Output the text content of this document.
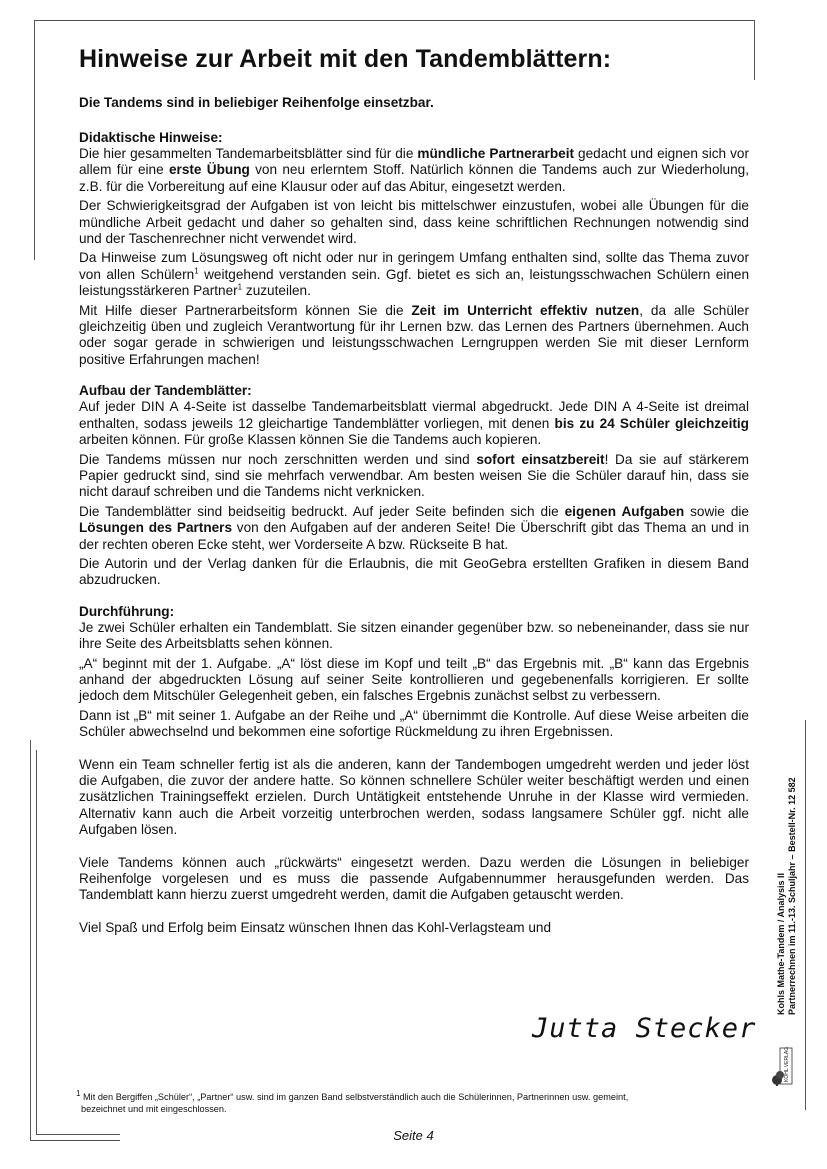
Hinweise zur Arbeit mit den Tandemblättern:
Die Tandems sind in beliebiger Reihenfolge einsetzbar.
Didaktische Hinweise:

Die hier gesammelten Tandemarbeitsblätter sind für die mündliche Partnerarbeit gedacht und eignen sich vor allem für eine erste Übung von neu erlerntem Stoff. Natürlich können die Tandems auch zur Wiederholung, z.B. für die Vorbereitung auf eine Klausur oder auf das Abitur, eingesetzt werden.

Der Schwierigkeitsgrad der Aufgaben ist von leicht bis mittelschwer einzustufen, wobei alle Übungen für die mündliche Arbeit gedacht und daher so gehalten sind, dass keine schriftlichen Rechnungen notwendig sind und der Taschenrechner nicht verwendet wird.

Da Hinweise zum Lösungsweg oft nicht oder nur in geringem Umfang enthalten sind, sollte das Thema zuvor von allen Schülern$^1$ weitgehend verstanden sein. Ggf. bietet es sich an, leistungsschwachen Schülern einen leistungsstärkeren Partner$^1$ zuzuteilen.

Mit Hilfe dieser Partnerarbeitsform können Sie die Zeit im Unterricht effektiv nutzen, da alle Schüler gleichzeitig üben und zugleich Verantwortung für ihr Lernen bzw. das Lernen des Partners übernehmen. Auch oder sogar gerade in schwierigen und leistungsschwachen Lerngruppen werden Sie mit dieser Lernform positive Erfahrungen machen!

Aufbau der Tandemblätter:

Auf jeder DIN A 4-Seite ist dasselbe Tandemarbeitsblatt viermal abgedruckt. Jede DIN A 4-Seite ist dreimal enthalten, sodass jeweils 12 gleichartige Tandemblätter vorliegen, mit denen bis zu 24 Schüler gleichzeitig arbeiten können. Für große Klassen können Sie die Tandems auch kopieren.

Die Tandems müssen nur noch zerschnitten werden und sind sofort einsatzbereit! Da sie auf stärkerem Papier gedruckt sind, sind sie mehrfach verwendbar. Am besten weisen Sie die Schüler darauf hin, dass sie nicht darauf schreiben und die Tandems nicht verknicken.

Die Tandemblätter sind beidseitig bedruckt. Auf jeder Seite befinden sich die eigenen Aufgaben sowie die Lösungen des Partners von den Aufgaben auf der anderen Seite! Die Überschrift gibt das Thema an und in der rechten oberen Ecke steht, wer Vorderseite A bzw. Rückseite B hat.

Die Autorin und der Verlag danken für die Erlaubnis, die mit GeoGebra erstellten Grafiken in diesem Band abzudrucken.

Durchführung:

Je zwei Schüler erhalten ein Tandemblatt. Sie sitzen einander gegenüber bzw. so nebeneinander, dass sie nur ihre Seite des Arbeitsblatts sehen können.

„A“ beginnt mit der 1. Aufgabe. „A“ löst diese im Kopf und teilt „B“ das Ergebnis mit. „B“ kann das Ergebnis anhand der abgedruckten Lösung auf seiner Seite kontrollieren und gegebenenfalls korrigieren. Er sollte jedoch dem Mitschüler Gelegenheit geben, ein falsches Ergebnis zunächst selbst zu verbessern.

Dann ist „B“ mit seiner 1. Aufgabe an der Reihe und „A“ übernimmt die Kontrolle. Auf diese Weise arbeiten die Schüler abwechselnd und bekommen eine sofortige Rückmeldung zu ihren Ergebnissen.

Wenn ein Team schneller fertig ist als die anderen, kann der Tandembogen umgedreht werden und jeder löst die Aufgaben, die zuvor der andere hatte. So können schnellere Schüler weiter beschäftigt werden und einen zusätzlichen Trainingseffekt erzielen. Durch Untätigkeit entstehende Unruhe in der Klasse wird vermieden. Alternativ kann auch die Arbeit vorzeitig unterbrochen werden, sodass langsamere Schüler ggf. nicht alle Aufgaben lösen.

Viele Tandems können auch „rückwärts“ eingesetzt werden. Dazu werden die Lösungen in beliebiger Reihenfolge vorgelesen und es muss die passende Aufgabennummer herausgefunden werden. Das Tandemblatt kann hierzu zuerst umgedreht werden, damit die Aufgaben getauscht werden.

Viel Spaß und Erfolg beim Einsatz wünschen Ihnen das Kohl-Verlagsteam und

Jutta Stecker
$^1$ Mit den Bergiffen „Schüler“, „Partner“ usw. sind im ganzen Band selbstverständlich auch die Schülerinnen, Partnerinnen usw. gemeint,
bezeichnet und mit eingeschlossen.
Seite 4
Kohls Mathe-Tandem / Analysis II Partnerrechnen im 11.-13. Schuljahr – Bestell-Nr. 12 582
KOHL VERLAG
